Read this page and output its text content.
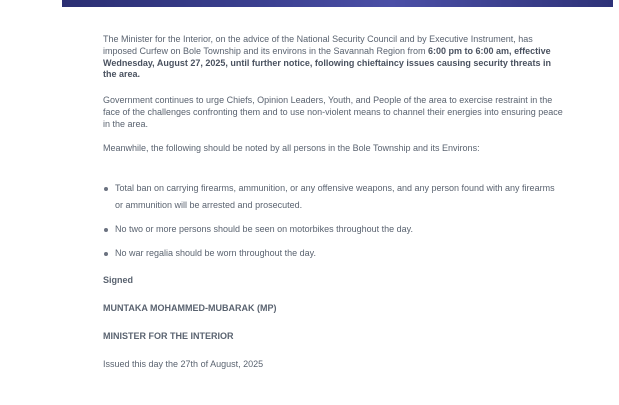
The Minister for the Interior, on the advice of the National Security Council and by Executive Instrument, has imposed Curfew on Bole Township and its environs in the Savannah Region from 6:00 pm to 6:00 am, effective Wednesday, August 27, 2025, until further notice, following chieftaincy issues causing security threats in the area.

Government continues to urge Chiefs, Opinion Leaders, Youth, and People of the area to exercise restraint in the face of the challenges confronting them and to use non-violent means to channel their energies into ensuring peace in the area.

Meanwhile, the following should be noted by all persons in the Bole Township and its Environs:

Total ban on carrying firearms, ammunition, or any offensive weapons, and any person found with any firearms or ammunition will be arrested and prosecuted.
No two or more persons should be seen on motorbikes throughout the day.
No war regalia should be worn throughout the day.
Signed
MUNTAKA MOHAMMED-MUBARAK (MP)
MINISTER FOR THE INTERIOR
Issued this day the 27th of August, 2025
